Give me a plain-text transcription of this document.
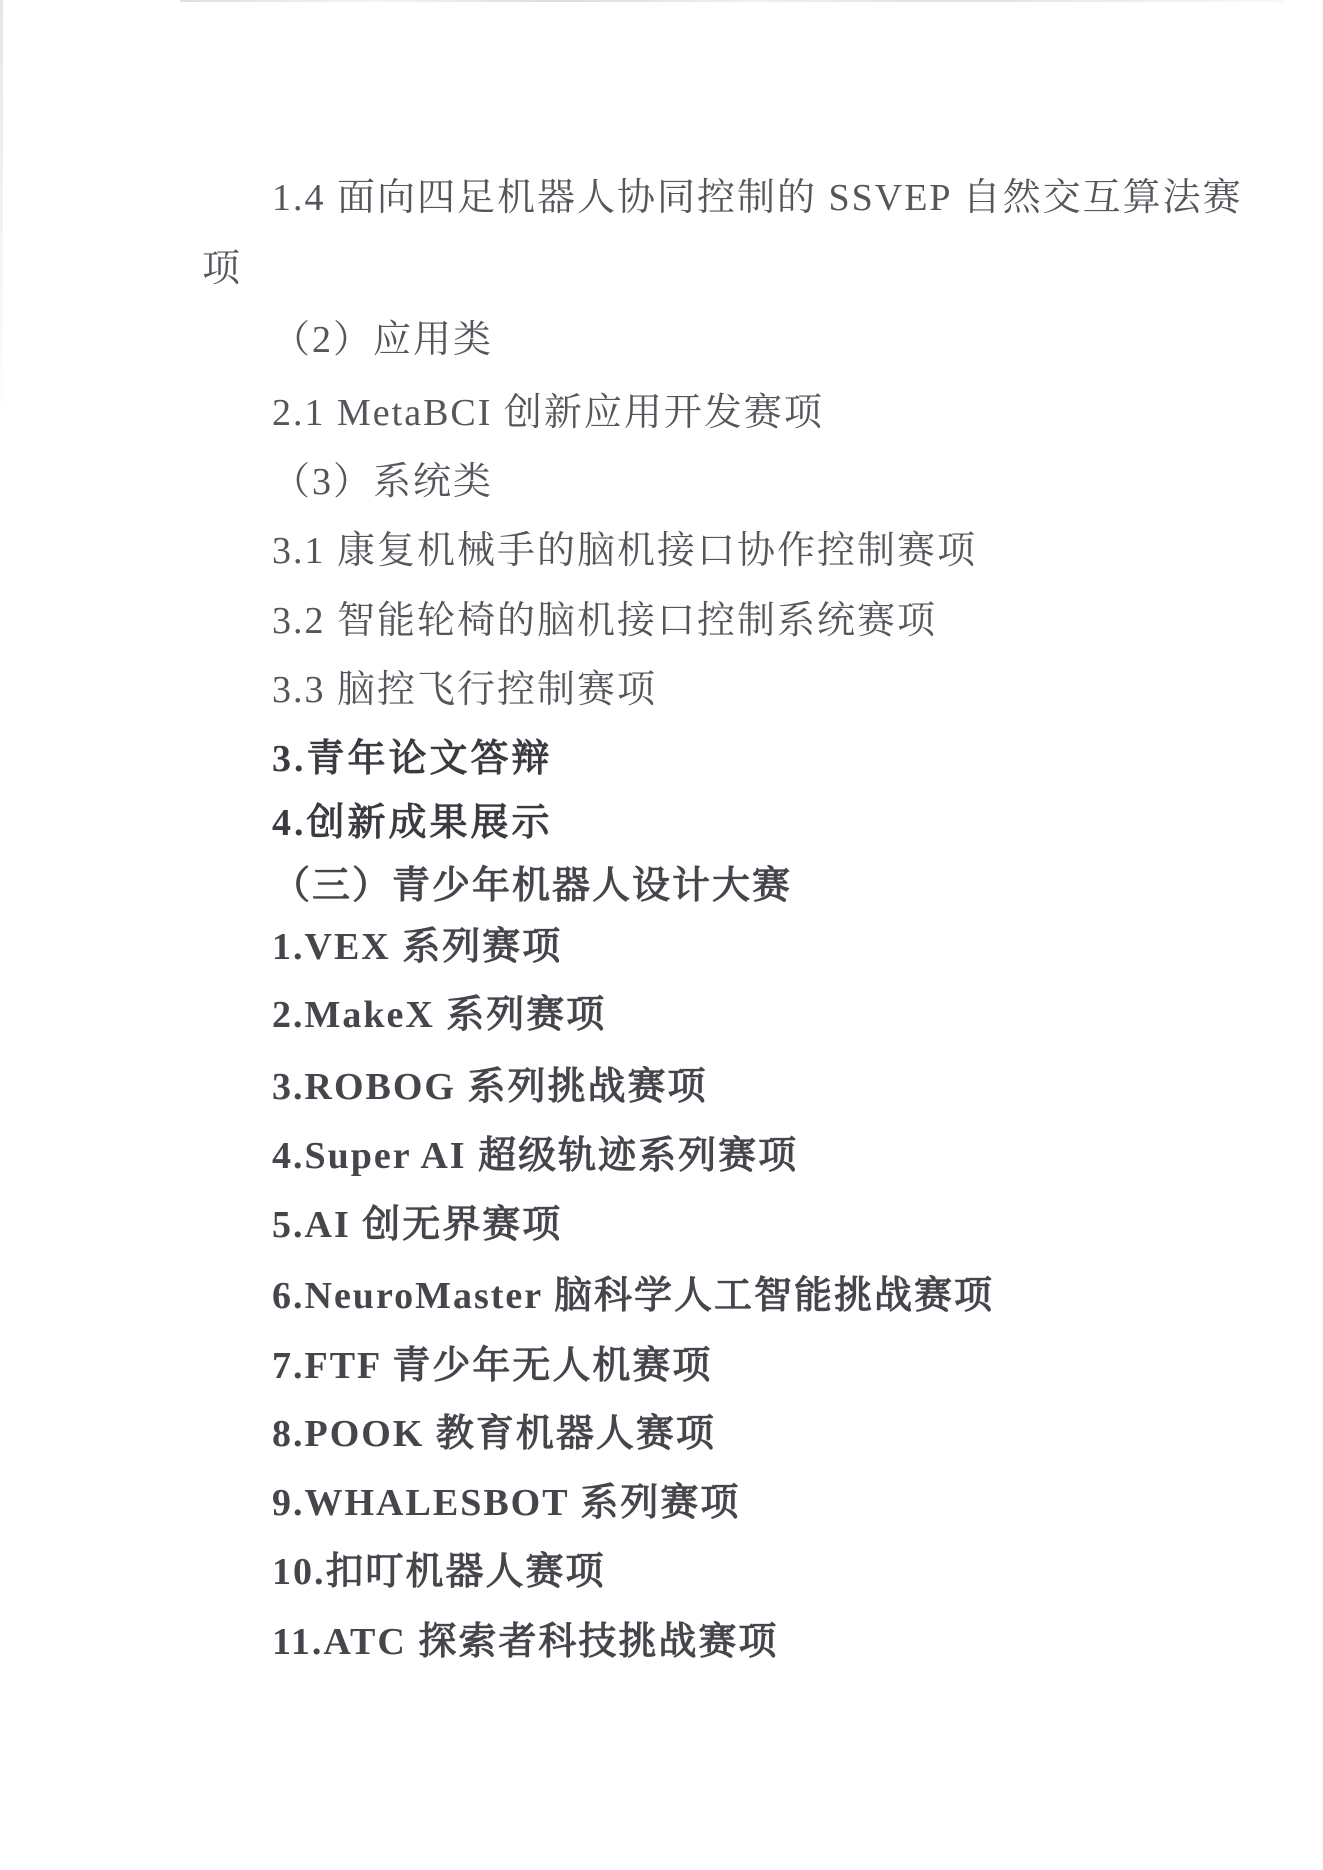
1.4 面向四足机器人协同控制的 SSVEP 自然交互算法赛
项
（2）应用类
2.1 MetaBCI 创新应用开发赛项
（3）系统类
3.1 康复机械手的脑机接口协作控制赛项
3.2 智能轮椅的脑机接口控制系统赛项
3.3 脑控飞行控制赛项
3.青年论文答辩
4.创新成果展示
（三）青少年机器人设计大赛
1.VEX 系列赛项
2.MakeX 系列赛项
3.ROBOG 系列挑战赛项
4.Super AI 超级轨迹系列赛项
5.AI 创无界赛项
6.NeuroMaster 脑科学人工智能挑战赛项
7.FTF 青少年无人机赛项
8.POOK 教育机器人赛项
9.WHALESBOT 系列赛项
10.扣叮机器人赛项
11.ATC 探索者科技挑战赛项
